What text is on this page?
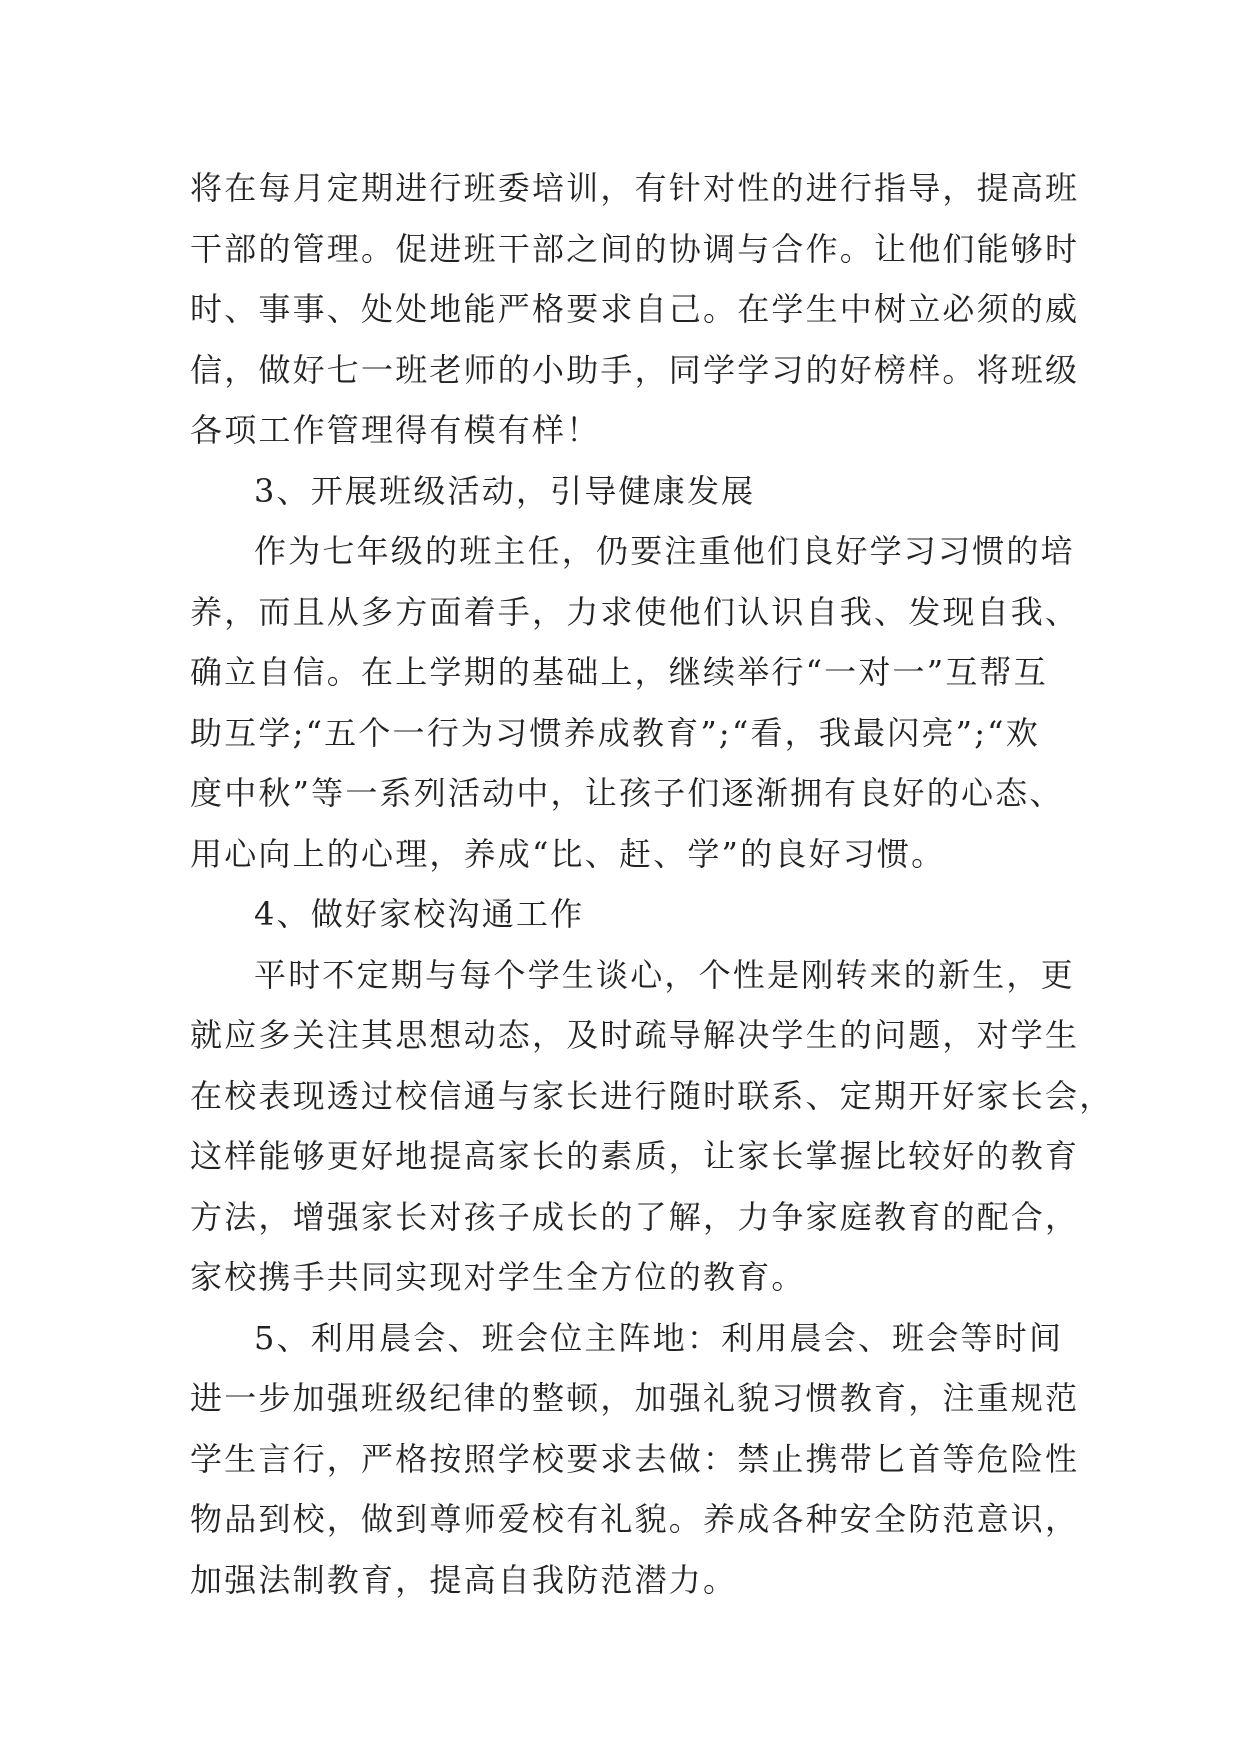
将在每月定期进行班委培训，有针对性的进行指导，提高班
干部的管理。促进班干部之间的协调与合作。让他们能够时
时、事事、处处地能严格要求自己。在学生中树立必须的威
信，做好七一班老师的小助手，同学学习的好榜样。将班级
各项工作管理得有模有样！
3、开展班级活动，引导健康发展
作为七年级的班主任，仍要注重他们良好学习习惯的培
养，而且从多方面着手，力求使他们认识自我、发现自我、
确立自信。在上学期的基础上，继续举行“一对一”互帮互
助互学;“五个一行为习惯养成教育”;“看，我最闪亮”;“欢
度中秋”等一系列活动中，让孩子们逐渐拥有良好的心态、
用心向上的心理，养成“比、赶、学”的良好习惯。
4、做好家校沟通工作
平时不定期与每个学生谈心，个性是刚转来的新生，更
就应多关注其思想动态，及时疏导解决学生的问题，对学生
在校表现透过校信通与家长进行随时联系、定期开好家长会，
这样能够更好地提高家长的素质，让家长掌握比较好的教育
方法，增强家长对孩子成长的了解，力争家庭教育的配合，
家校携手共同实现对学生全方位的教育。
5、利用晨会、班会位主阵地：利用晨会、班会等时间
进一步加强班级纪律的整顿，加强礼貌习惯教育，注重规范
学生言行，严格按照学校要求去做：禁止携带匕首等危险性
物品到校，做到尊师爱校有礼貌。养成各种安全防范意识，
加强法制教育，提高自我防范潜力。
